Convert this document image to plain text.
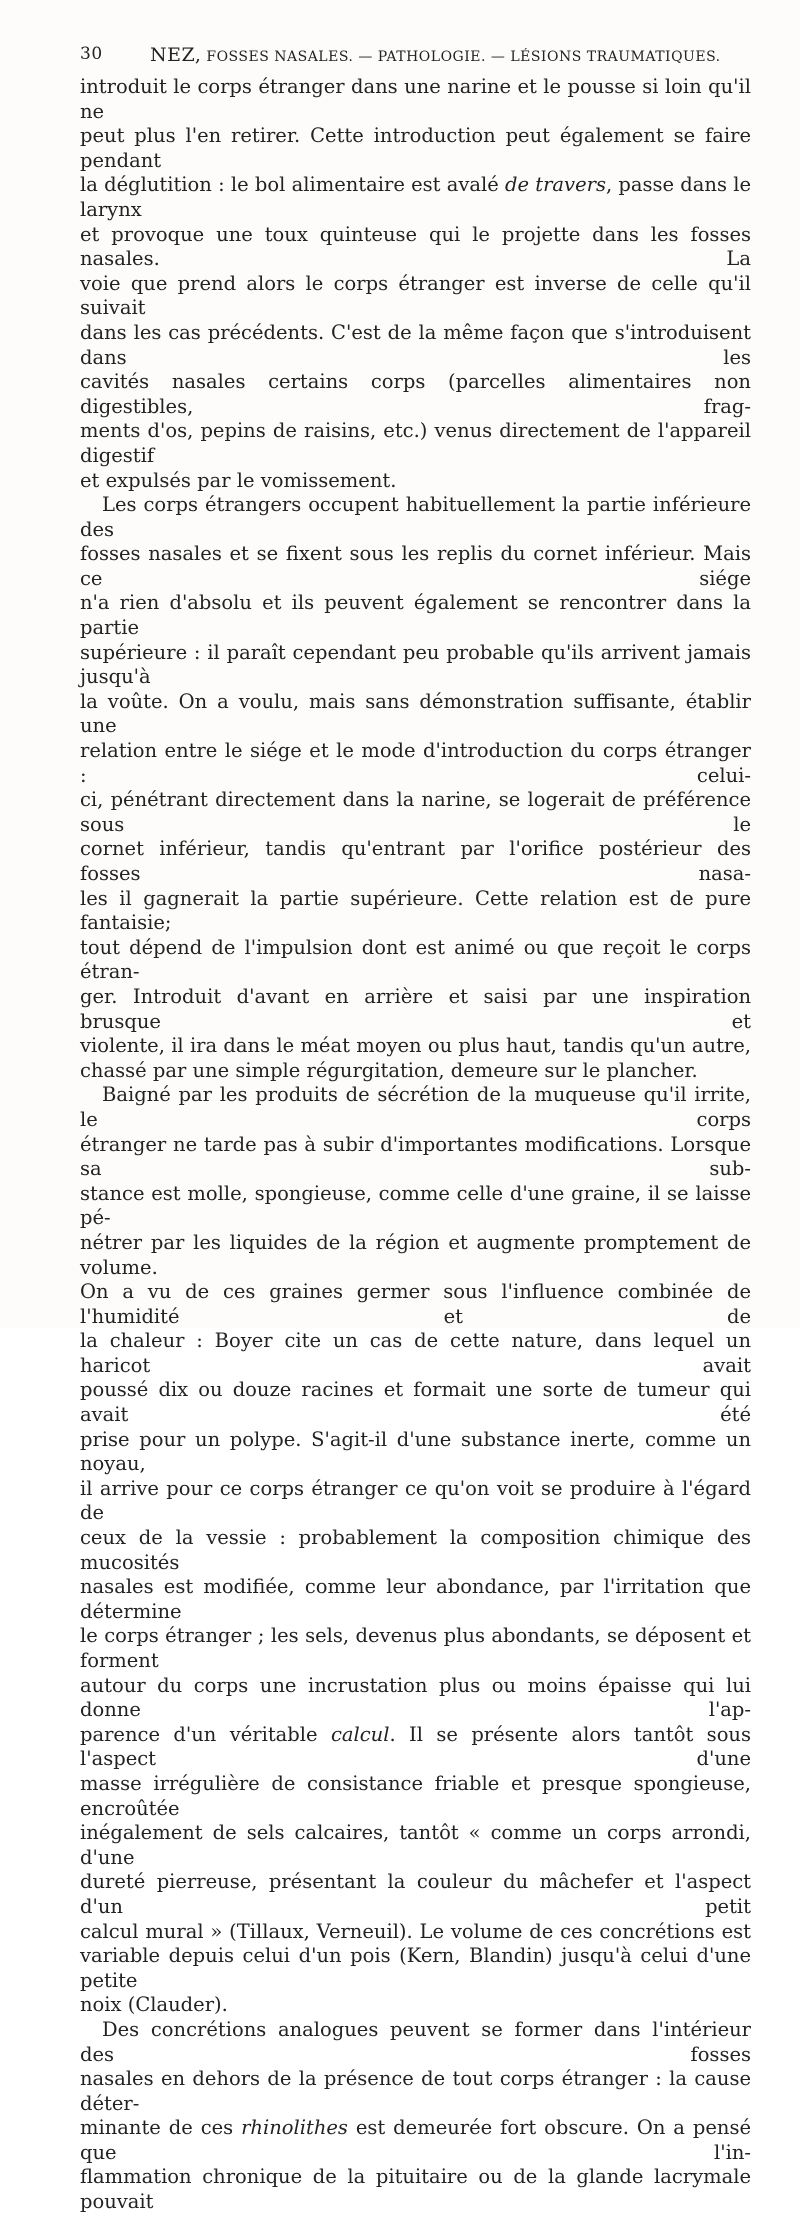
30 NEZ, FOSSES NASALES. — PATHOLOGIE. — LÉSIONS TRAUMATIQUES.

introduit le corps étranger dans une narine et le pousse si loin qu'il ne

peut plus l'en retirer. Cette introduction peut également se faire pendant

la déglutition : le bol alimentaire est avalé de travers, passe dans le larynx

et provoque une toux quinteuse qui le projette dans les fosses nasales. La

voie que prend alors le corps étranger est inverse de celle qu'il suivait

dans les cas précédents. C'est de la même façon que s'introduisent dans les

cavités nasales certains corps (parcelles alimentaires non digestibles, frag-

ments d'os, pepins de raisins, etc.) venus directement de l'appareil digestif

et expulsés par le vomissement.

Les corps étrangers occupent habituellement la partie inférieure des

fosses nasales et se fixent sous les replis du cornet inférieur. Mais ce siége

n'a rien d'absolu et ils peuvent également se rencontrer dans la partie

supérieure : il paraît cependant peu probable qu'ils arrivent jamais jusqu'à

la voûte. On a voulu, mais sans démonstration suffisante, établir une

relation entre le siége et le mode d'introduction du corps étranger : celui-

ci, pénétrant directement dans la narine, se logerait de préférence sous le

cornet inférieur, tandis qu'entrant par l'orifice postérieur des fosses nasa-

les il gagnerait la partie supérieure. Cette relation est de pure fantaisie;

tout dépend de l'impulsion dont est animé ou que reçoit le corps étran-

ger. Introduit d'avant en arrière et saisi par une inspiration brusque et

violente, il ira dans le méat moyen ou plus haut, tandis qu'un autre,

chassé par une simple régurgitation, demeure sur le plancher.

Baigné par les produits de sécrétion de la muqueuse qu'il irrite, le corps

étranger ne tarde pas à subir d'importantes modifications. Lorsque sa sub-

stance est molle, spongieuse, comme celle d'une graine, il se laisse pé-

nétrer par les liquides de la région et augmente promptement de volume.

On a vu de ces graines germer sous l'influence combinée de l'humidité et de

la chaleur : Boyer cite un cas de cette nature, dans lequel un haricot avait

poussé dix ou douze racines et formait une sorte de tumeur qui avait été

prise pour un polype. S'agit-il d'une substance inerte, comme un noyau,

il arrive pour ce corps étranger ce qu'on voit se produire à l'égard de

ceux de la vessie : probablement la composition chimique des mucosités

nasales est modifiée, comme leur abondance, par l'irritation que détermine

le corps étranger ; les sels, devenus plus abondants, se déposent et forment

autour du corps une incrustation plus ou moins épaisse qui lui donne l'ap-

parence d'un véritable calcul. Il se présente alors tantôt sous l'aspect d'une

masse irrégulière de consistance friable et presque spongieuse, encroûtée

inégalement de sels calcaires, tantôt « comme un corps arrondi, d'une

dureté pierreuse, présentant la couleur du mâchefer et l'aspect d'un petit

calcul mural » (Tillaux, Verneuil). Le volume de ces concrétions est

variable depuis celui d'un pois (Kern, Blandin) jusqu'à celui d'une petite

noix (Clauder).

Des concrétions analogues peuvent se former dans l'intérieur des fosses

nasales en dehors de la présence de tout corps étranger : la cause déter-

minante de ces rhinolithes est demeurée fort obscure. On a pensé que l'in-

flammation chronique de la pituitaire ou de la glande lacrymale pouvait
